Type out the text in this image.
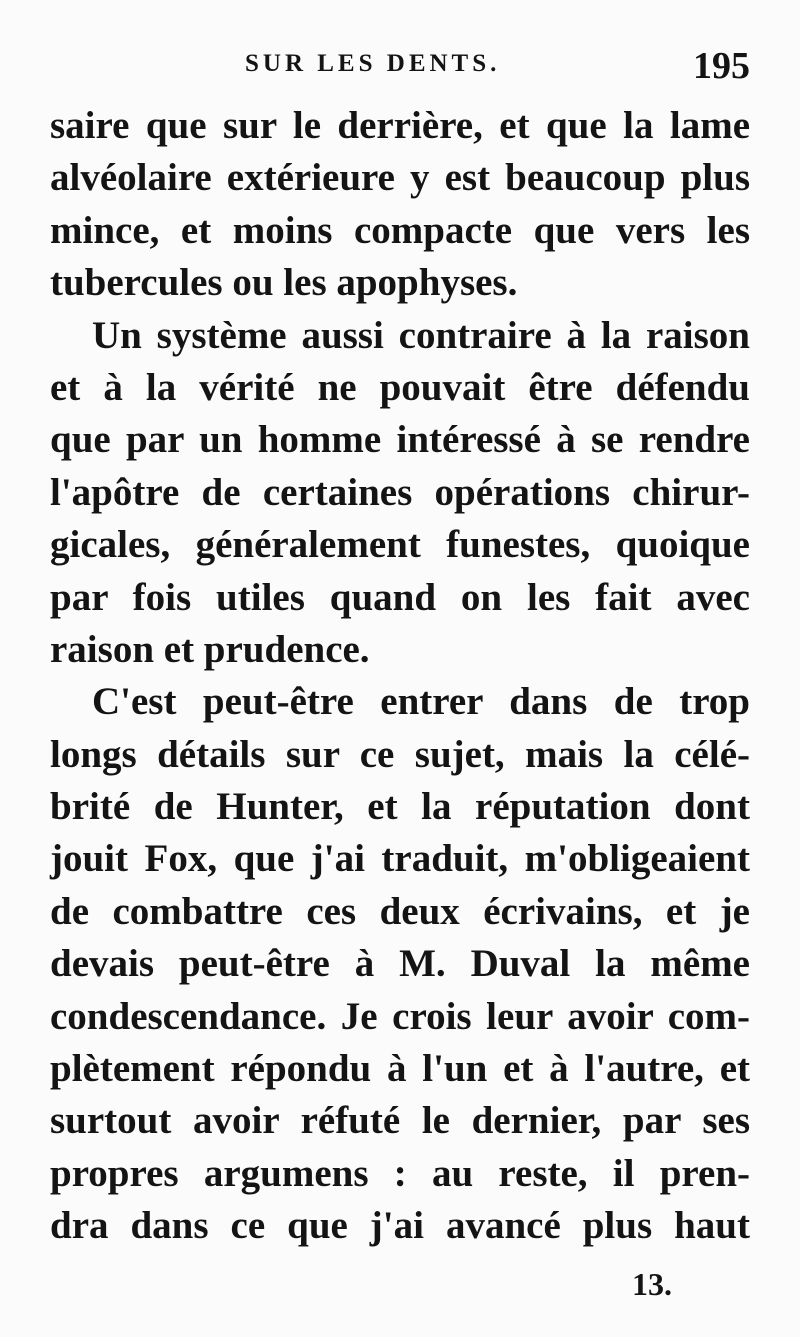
SUR LES DENTS.	195
saire que sur le derrière, et que la lame
alvéolaire extérieure y est beaucoup plus
mince, et moins compacte que vers les
tubercules ou les apophyses.
Un système aussi contraire à la raison
et à la vérité ne pouvait être défendu
que par un homme intéressé à se rendre
l'apôtre de certaines opérations chirur-
gicales, généralement funestes, quoique
par fois utiles quand on les fait avec
raison et prudence.
C'est peut-être entrer dans de trop
longs détails sur ce sujet, mais la célé-
brité de Hunter, et la réputation dont
jouit Fox, que j'ai traduit, m'obligeaient
de combattre ces deux écrivains, et je
devais peut-être à M. Duval la même
condescendance. Je crois leur avoir com-
plètement répondu à l'un et à l'autre, et
surtout avoir réfuté le dernier, par ses
propres argumens : au reste, il pren-
dra dans ce que j'ai avancé plus haut
13.
